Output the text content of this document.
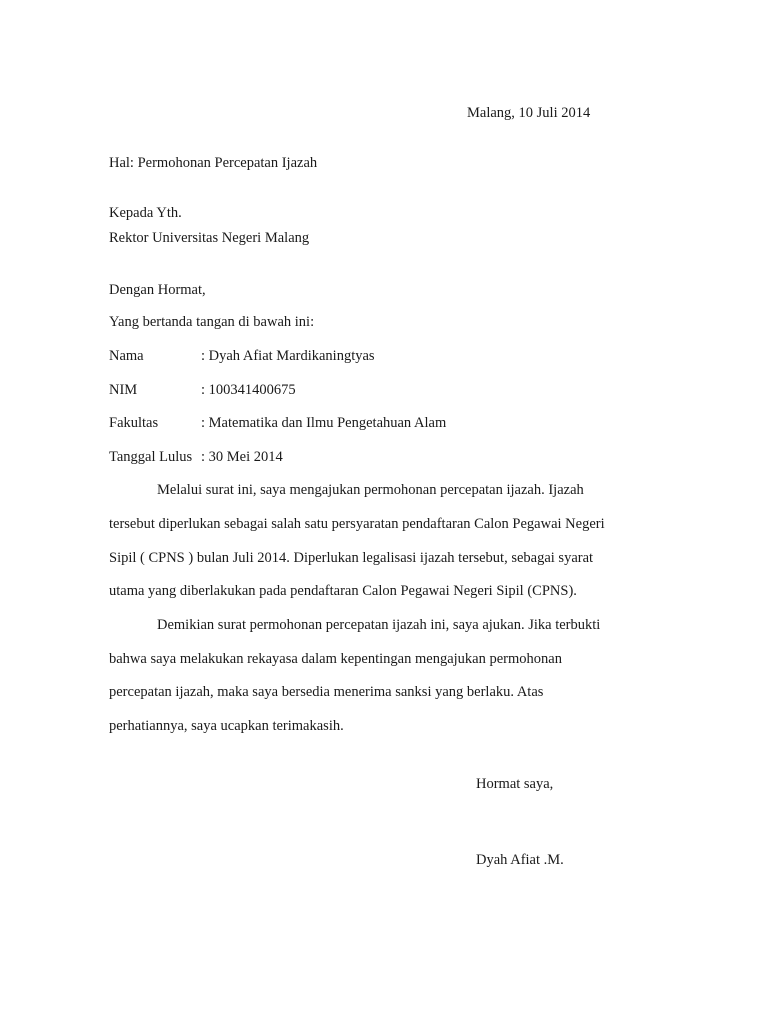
Malang, 10 Juli 2014
Hal: Permohonan Percepatan Ijazah
Kepada Yth.
Rektor Universitas Negeri Malang
Dengan Hormat,
Yang bertanda tangan di bawah ini:
Nama	: Dyah Afiat Mardikaningtyas
NIM	: 100341400675
Fakultas	: Matematika dan Ilmu Pengetahuan Alam
Tanggal Lulus : 30 Mei 2014
Melalui surat ini, saya mengajukan permohonan percepatan ijazah. Ijazah
tersebut diperlukan sebagai salah satu persyaratan pendaftaran Calon Pegawai Negeri
Sipil ( CPNS ) bulan Juli 2014. Diperlukan legalisasi ijazah tersebut, sebagai syarat
utama yang diberlakukan pada pendaftaran Calon Pegawai Negeri Sipil (CPNS).
Demikian surat permohonan percepatan ijazah ini, saya ajukan. Jika terbukti
bahwa saya melakukan rekayasa dalam kepentingan mengajukan permohonan
percepatan ijazah, maka saya bersedia menerima sanksi yang berlaku. Atas
perhatiannya, saya ucapkan terimakasih.
Hormat saya,
Dyah Afiat .M.
